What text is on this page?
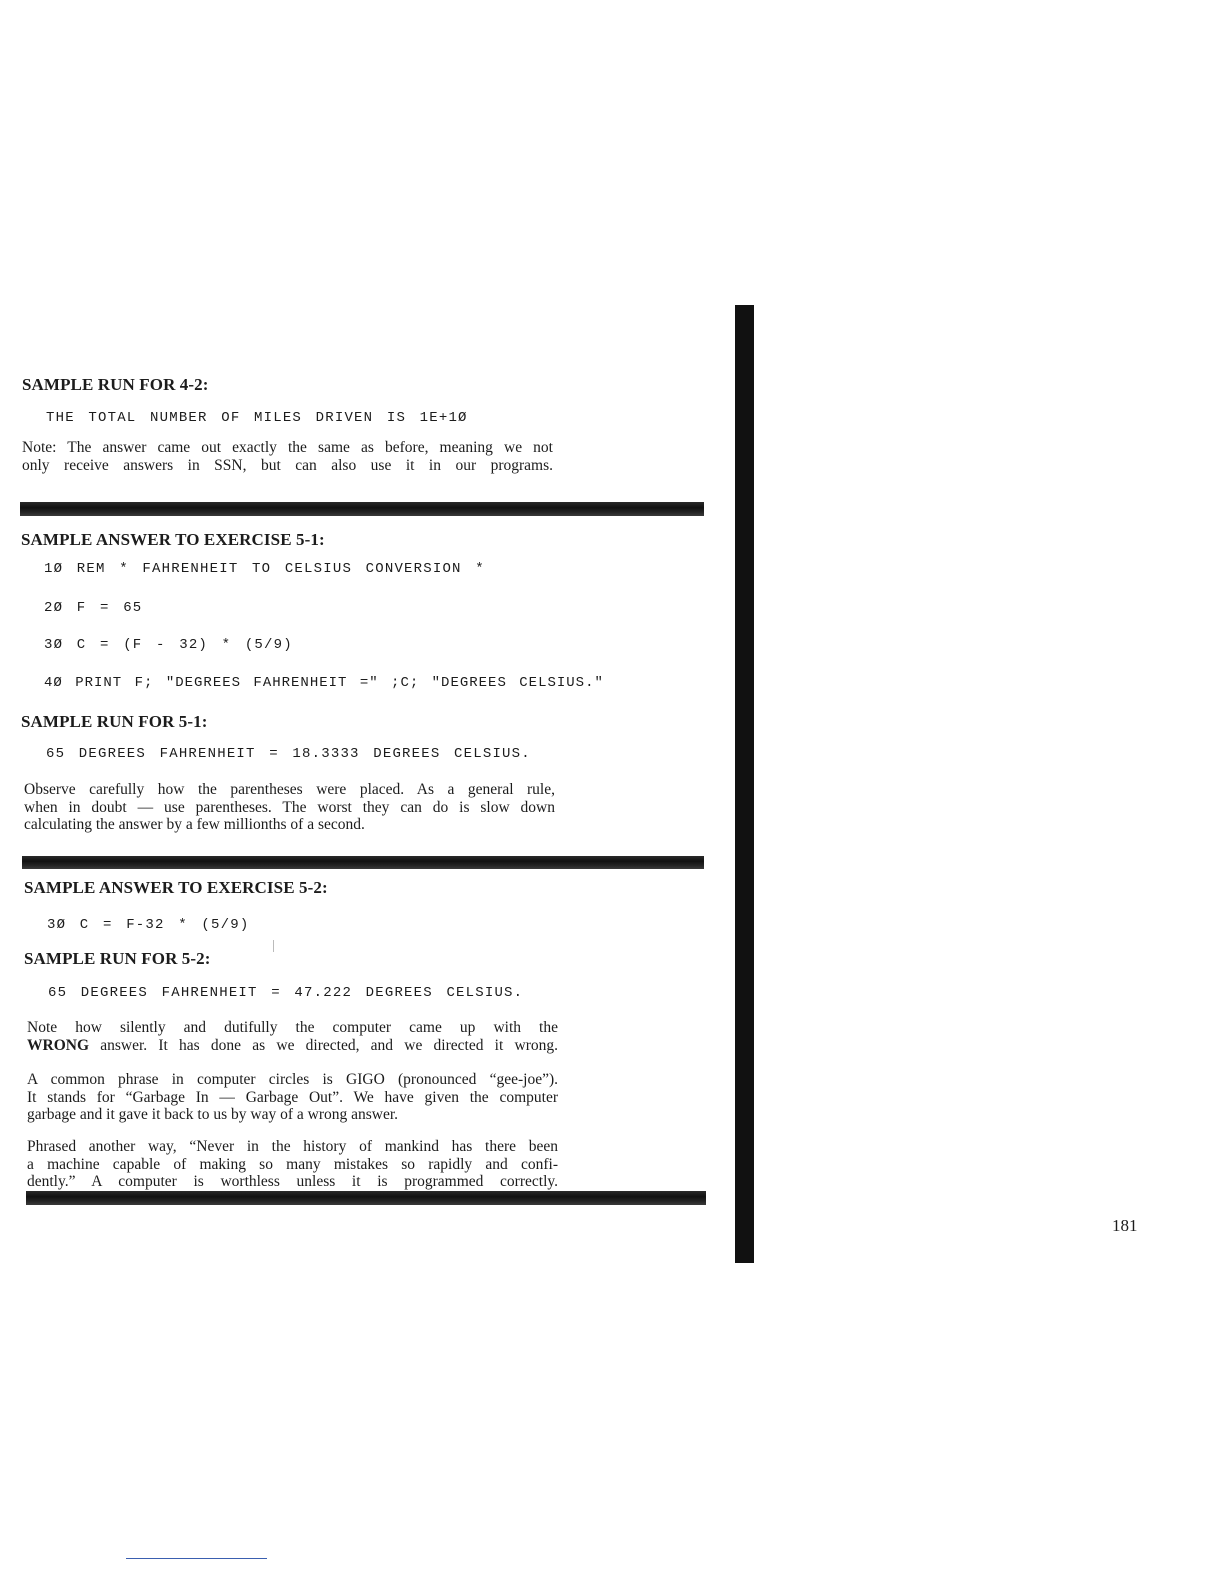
SAMPLE RUN FOR 4-2:
THE TOTAL NUMBER OF MILES DRIVEN IS 1E+1Ø
Note: The answer came out exactly the same as before, meaning we not
only receive answers in SSN, but can also use it in our programs.
SAMPLE ANSWER TO EXERCISE 5-1:
1Ø REM * FAHRENHEIT TO CELSIUS CONVERSION *
2Ø F = 65
3Ø C = (F - 32) * (5/9)
4Ø PRINT F; "DEGREES FAHRENHEIT =" ;C; "DEGREES CELSIUS."
SAMPLE RUN FOR 5-1:
65 DEGREES FAHRENHEIT = 18.3333 DEGREES CELSIUS.
Observe carefully how the parentheses were placed. As a general rule,
when in doubt — use parentheses. The worst they can do is slow down
calculating the answer by a few millionths of a second.
SAMPLE ANSWER TO EXERCISE 5-2:
3Ø C = F-32 * (5/9)
SAMPLE RUN FOR 5-2:
65 DEGREES FAHRENHEIT = 47.222 DEGREES CELSIUS.
Note how silently and dutifully the computer came up with the
WRONG answer. It has done as we directed, and we directed it wrong.
A common phrase in computer circles is GIGO (pronounced “gee-joe”).
It stands for “Garbage In — Garbage Out”. We have given the computer
garbage and it gave it back to us by way of a wrong answer.
Phrased another way, “Never in the history of mankind has there been
a machine capable of making so many mistakes so rapidly and confi-
dently.” A computer is worthless unless it is programmed correctly.
181
